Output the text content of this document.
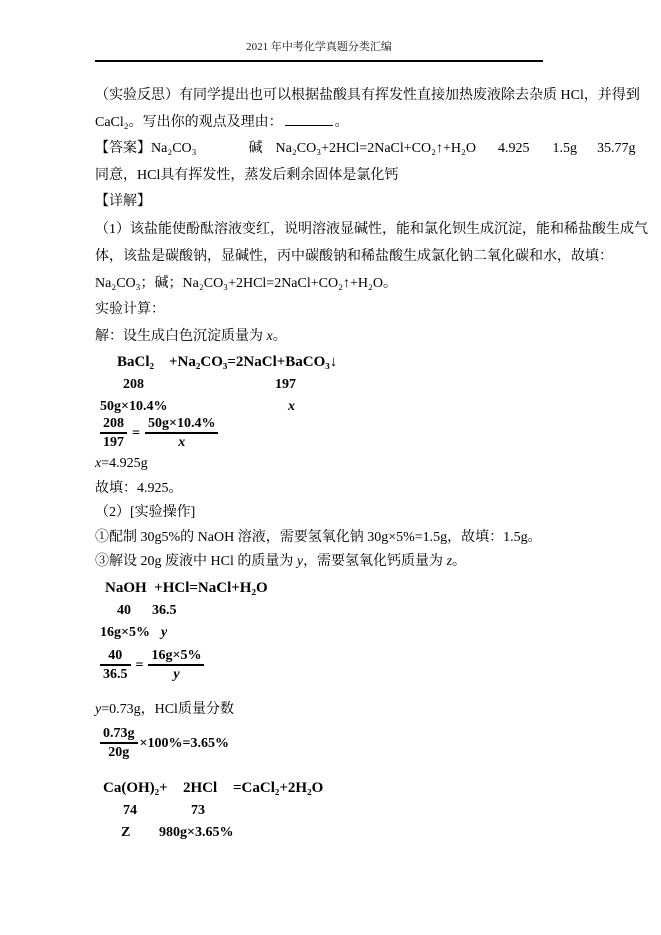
2021 年中考化学真题分类汇编
（实验反思）有同学提出也可以根据盐酸具有挥发性直接加热废液除去杂质 HCl，并得到
CaCl₂。写出你的观点及理由：	。
【答案】Na₂CO₃	碱 Na₂CO₃+2HCl=2NaCl+CO₂↑+H₂O 4.925 1.5g 35.77g
同意，HCl具有挥发性，蒸发后剩余固体是氯化钙
【详解】
（1）该盐能使酚酞溶液变红，说明溶液显碱性，能和氯化钡生成沉淀，能和稀盐酸生成气
体，该盐是碳酸钠，显碱性，丙中碳酸钠和稀盐酸生成氯化钠二氧化碳和水，故填：
Na₂CO₃；碱；Na₂CO₃+2HCl=2NaCl+CO₂↑+H₂O。
实验计算：
解：设生成白色沉淀质量为 x。
BaCl₂    +Na₂CO₃=2NaCl+BaCO₃↓
208	197
50g×10.4%	x
$\frac{208}{197} = \frac{50g\times 10.4\%}{x}$
x=4.925g
故填：4.925。
（2）[实验操作]
①配制 30g5%的 NaOH 溶液，需要氢氧化钠 30g×5%=1.5g，故填：1.5g。
③解设 20g 废液中 HCl 的质量为 y，需要氢氧化钙质量为 z。
NaOH  +HCl=NaCl+H₂O
40 36.5
16g×5% y
$\frac{40}{36.5} = \frac{16g\times 5\%}{y}$
y=0.73g，HCl质量分数
$\frac{0.73g}{20g} \times 100\%=3.65\%$
Ca(OH)₂+ 2HCl =CaCl₂+2H₂O
74	73
Z 980g×3.65%
